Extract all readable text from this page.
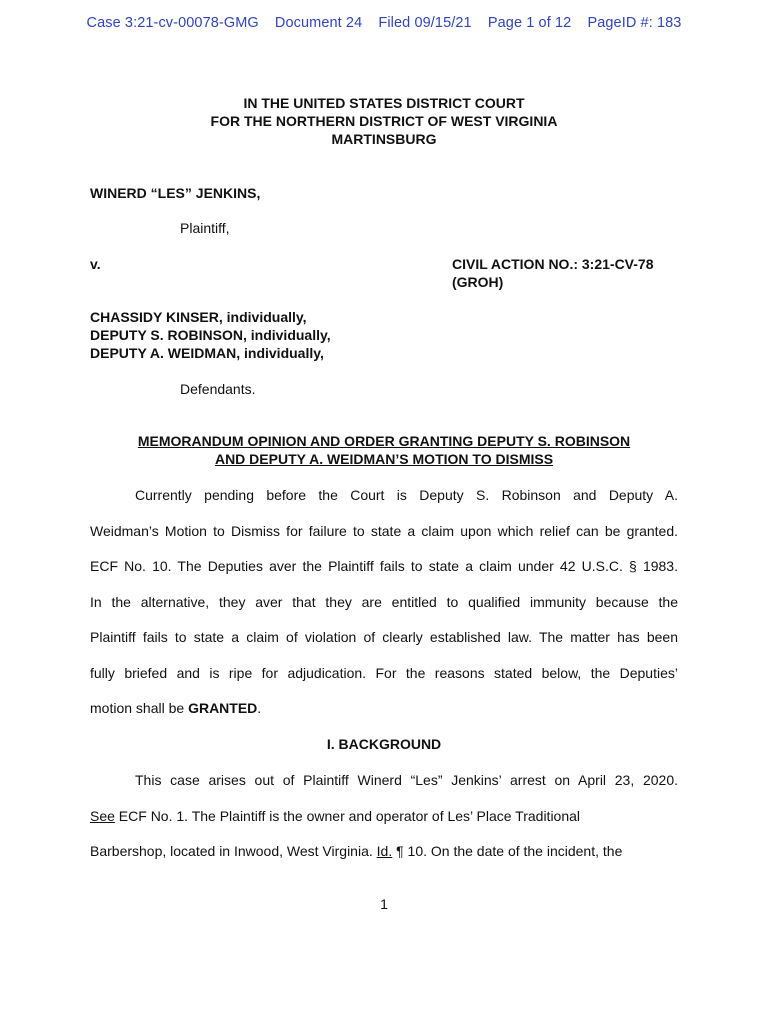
Case 3:21-cv-00078-GMG Document 24 Filed 09/15/21 Page 1 of 12 PageID #: 183
IN THE UNITED STATES DISTRICT COURT
FOR THE NORTHERN DISTRICT OF WEST VIRGINIA
MARTINSBURG
WINERD “LES” JENKINS,
Plaintiff,
v.	CIVIL ACTION NO.: 3:21-CV-78
(GROH)
CHASSIDY KINSER, individually,
DEPUTY S. ROBINSON, individually,
DEPUTY A. WEIDMAN, individually,
Defendants.
MEMORANDUM OPINION AND ORDER GRANTING DEPUTY S. ROBINSON
AND DEPUTY A. WEIDMAN’S MOTION TO DISMISS
Currently pending before the Court is Deputy S. Robinson and Deputy A.
Weidman’s Motion to Dismiss for failure to state a claim upon which relief can be granted.
ECF No. 10. The Deputies aver the Plaintiff fails to state a claim under 42 U.S.C. § 1983.
In the alternative, they aver that they are entitled to qualified immunity because the
Plaintiff fails to state a claim of violation of clearly established law. The matter has been
fully briefed and is ripe for adjudication. For the reasons stated below, the Deputies’
motion shall be GRANTED.
I. BACKGROUND
This case arises out of Plaintiff Winerd “Les” Jenkins’ arrest on April 23, 2020.
See ECF No. 1. The Plaintiff is the owner and operator of Les’ Place Traditional
Barbershop, located in Inwood, West Virginia. Id. ¶ 10. On the date of the incident, the
1
